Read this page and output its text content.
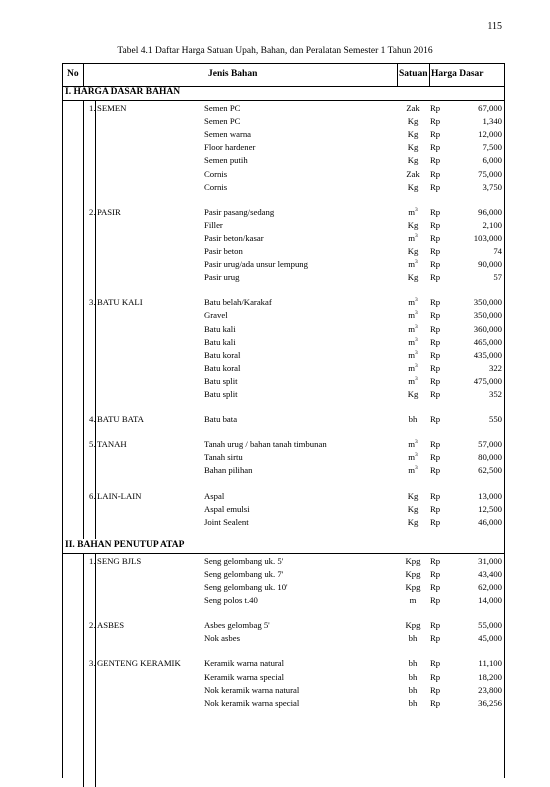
115
Tabel 4.1 Daftar Harga Satuan Upah, Bahan, dan Peralatan Semester 1 Tahun 2016
No	Jenis Bahan	Satuan Harga Dasar
I. HARGA DASAR BAHAN
1. SEMEN	Semen PC	Zak	Rp	67,000
Semen PC	Kg	Rp	1,340
Semen warna	Kg	Rp	12,000
Floor hardener	Kg	Rp	7,500
Semen putih	Kg	Rp	6,000
Cornis	Zak	Rp	75,000
Cornis	Kg	Rp	3,750
2. PASIR	Pasir pasang/sedang	$m^3$	Rp	96,000
Filler	Kg	Rp	2,100
Pasir beton/kasar	$m^3$	Rp	103,000
Pasir beton	Kg	Rp	74
Pasir urug/ada unsur lempung	$m^3$	Rp	90,000
Pasir urug	Kg	Rp	57
3. BATU KALI	Batu belah/Karakaf	$m^3$	Rp	350,000
Gravel	$m^3$	Rp	350,000
Batu kali	$m^3$	Rp	360,000
Batu kali	$m^3$	Rp	465,000
Batu koral	$m^3$	Rp	435,000
Batu koral	$m^3$	Rp	322
Batu split	$m^3$	Rp	475,000
Batu split	Kg	Rp	352
4. BATU BATA	Batu bata	bh	Rp	550
5. TANAH	Tanah urug / bahan tanah timbunan	$m^3$	Rp	57,000
Tanah sirtu	$m^3$	Rp	80,000
Bahan pilihan	$m^3$	Rp	62,500
6. LAIN-LAIN	Aspal	Kg	Rp	13,000
Aspal emulsi	Kg	Rp	12,500
Joint Sealent	Kg	Rp	46,000
II. BAHAN PENUTUP ATAP
1. SENG BJLS	Seng gelombang uk. 5'	Kpg	Rp	31,000
Seng gelombang uk. 7'	Kpg	Rp	43,400
Seng gelombang uk. 10'	Kpg	Rp	62,000
Seng polos t.40	m	Rp	14,000
2. ASBES	Asbes gelombag 5'	Kpg	Rp	55,000
Nok asbes	bh	Rp	45,000
3. GENTENG KERAMIK	Keramik warna natural	bh	Rp	11,100
Keramik warna special	bh	Rp	18,200
Nok keramik warna natural	bh	Rp	23,800
Nok keramik warna special	bh	Rp	36,256
